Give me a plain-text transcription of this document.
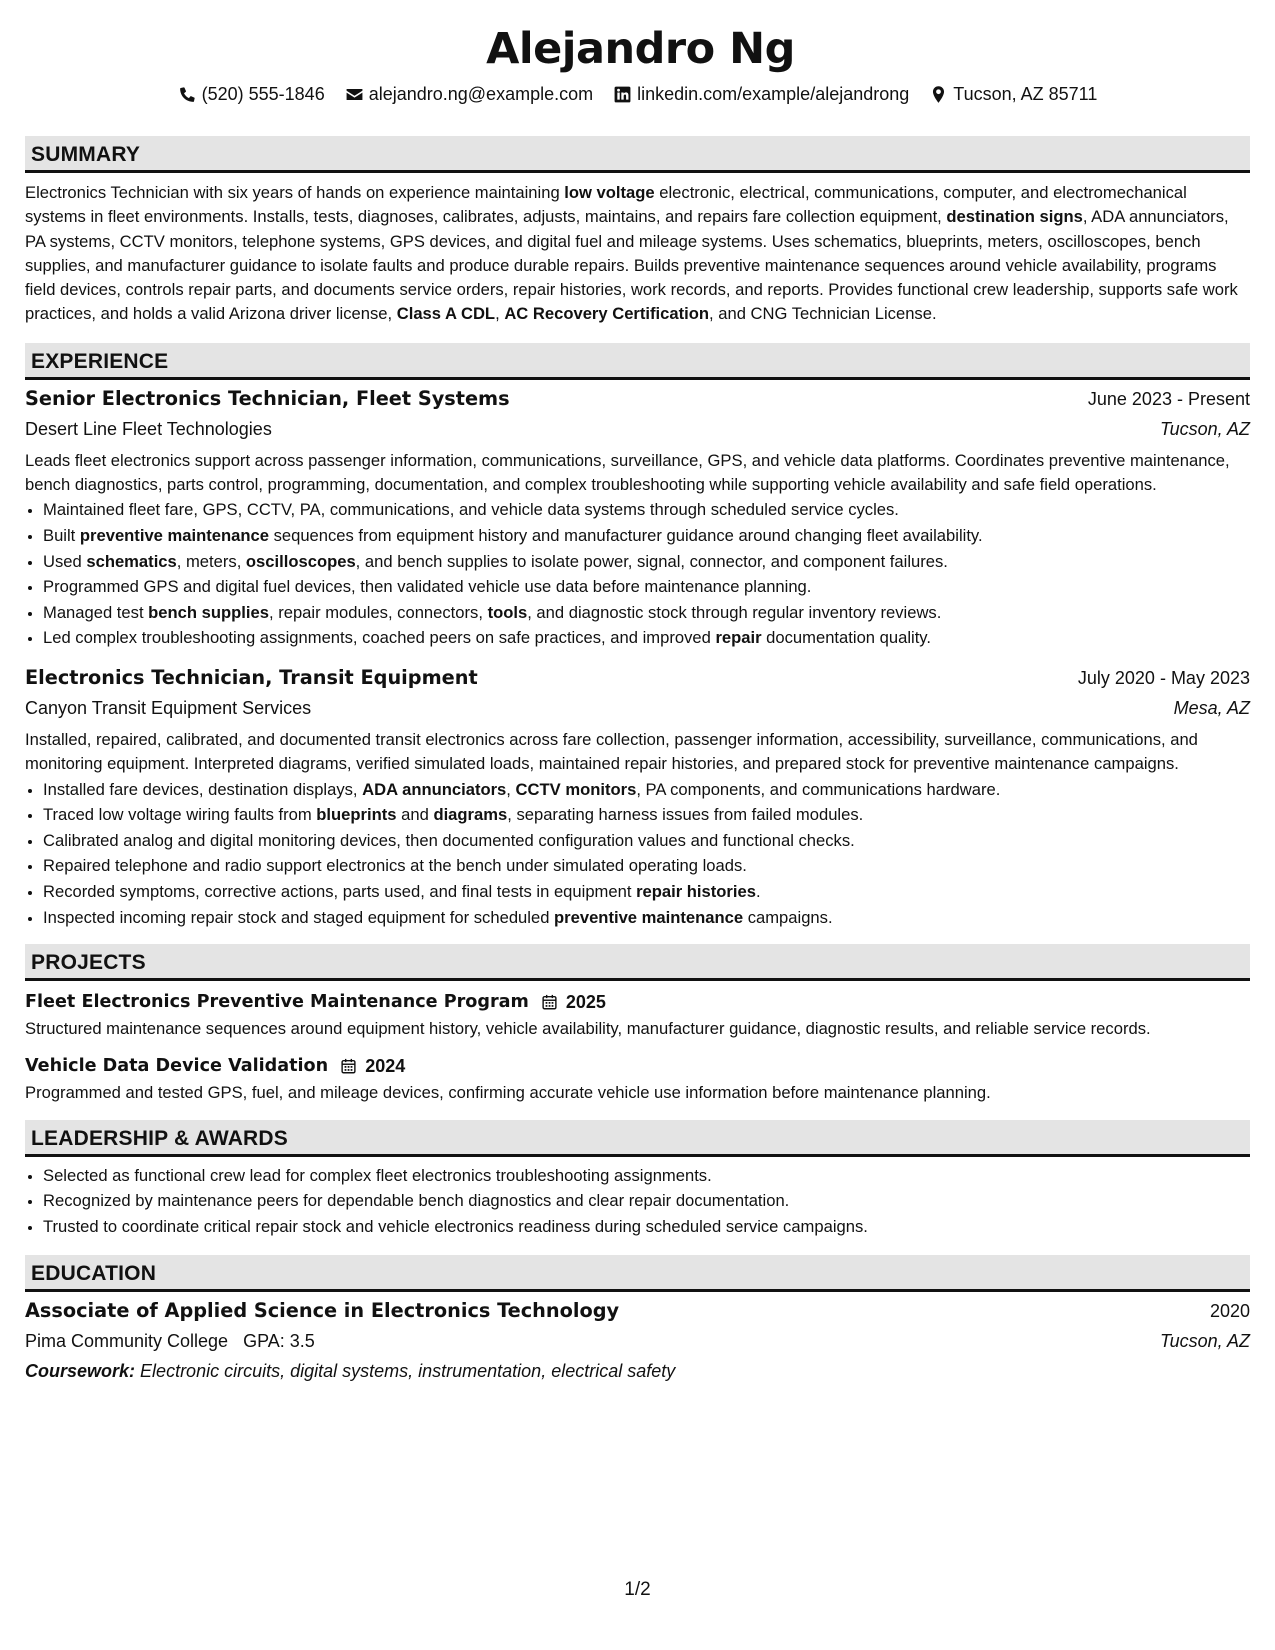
Alejandro Ng
(520) 555-1846 alejandro.ng@example.com linkedin.com/example/alejandrong Tucson, AZ 85711
SUMMARY

Electronics Technician with six years of hands on experience maintaining low voltage electronic, electrical, communications, computer, and electromechanical systems in fleet environments. Installs, tests, diagnoses, calibrates, adjusts, maintains, and repairs fare collection equipment, destination signs, ADA annunciators, PA systems, CCTV monitors, telephone systems, GPS devices, and digital fuel and mileage systems. Uses schematics, blueprints, meters, oscilloscopes, bench supplies, and manufacturer guidance to isolate faults and produce durable repairs. Builds preventive maintenance sequences around vehicle availability, programs field devices, controls repair parts, and documents service orders, repair histories, work records, and reports. Provides functional crew leadership, supports safe work practices, and holds a valid Arizona driver license, Class A CDL, AC Recovery Certification, and CNG Technician License.

EXPERIENCE
Senior Electronics Technician, Fleet Systems	June 2023 - Present
Desert Line Fleet Technologies	Tucson, AZ

Leads fleet electronics support across passenger information, communications, surveillance, GPS, and vehicle data platforms. Coordinates preventive maintenance, bench diagnostics, parts control, programming, documentation, and complex troubleshooting while supporting vehicle availability and safe field operations.

• Maintained fleet fare, GPS, CCTV, PA, communications, and vehicle data systems through scheduled service cycles.
• Built preventive maintenance sequences from equipment history and manufacturer guidance around changing fleet availability.
• Used schematics, meters, oscilloscopes, and bench supplies to isolate power, signal, connector, and component failures.
• Programmed GPS and digital fuel devices, then validated vehicle use data before maintenance planning.
• Managed test bench supplies, repair modules, connectors, tools, and diagnostic stock through regular inventory reviews.
• Led complex troubleshooting assignments, coached peers on safe practices, and improved repair documentation quality.
Electronics Technician, Transit Equipment	July 2020 - May 2023
Canyon Transit Equipment Services	Mesa, AZ

Installed, repaired, calibrated, and documented transit electronics across fare collection, passenger information, accessibility, surveillance, communications, and monitoring equipment. Interpreted diagrams, verified simulated loads, maintained repair histories, and prepared stock for preventive maintenance campaigns.

• Installed fare devices, destination displays, ADA annunciators, CCTV monitors, PA components, and communications hardware.
• Traced low voltage wiring faults from blueprints and diagrams, separating harness issues from failed modules.
• Calibrated analog and digital monitoring devices, then documented configuration values and functional checks.
• Repaired telephone and radio support electronics at the bench under simulated operating loads.
• Recorded symptoms, corrective actions, parts used, and final tests in equipment repair histories.
• Inspected incoming repair stock and staged equipment for scheduled preventive maintenance campaigns.
PROJECTS
Fleet Electronics Preventive Maintenance Program 2025

Structured maintenance sequences around equipment history, vehicle availability, manufacturer guidance, diagnostic results, and reliable service records.

Vehicle Data Device Validation 2024

Programmed and tested GPS, fuel, and mileage devices, confirming accurate vehicle use information before maintenance planning.

LEADERSHIP & AWARDS
• Selected as functional crew lead for complex fleet electronics troubleshooting assignments.
• Recognized by maintenance peers for dependable bench diagnostics and clear repair documentation.
• Trusted to coordinate critical repair stock and vehicle electronics readiness during scheduled service campaigns.
EDUCATION
Associate of Applied Science in Electronics Technology	2020
Pima Community College GPA: 3.5	Tucson, AZ
Coursework: Electronic circuits, digital systems, instrumentation, electrical safety
1/2
